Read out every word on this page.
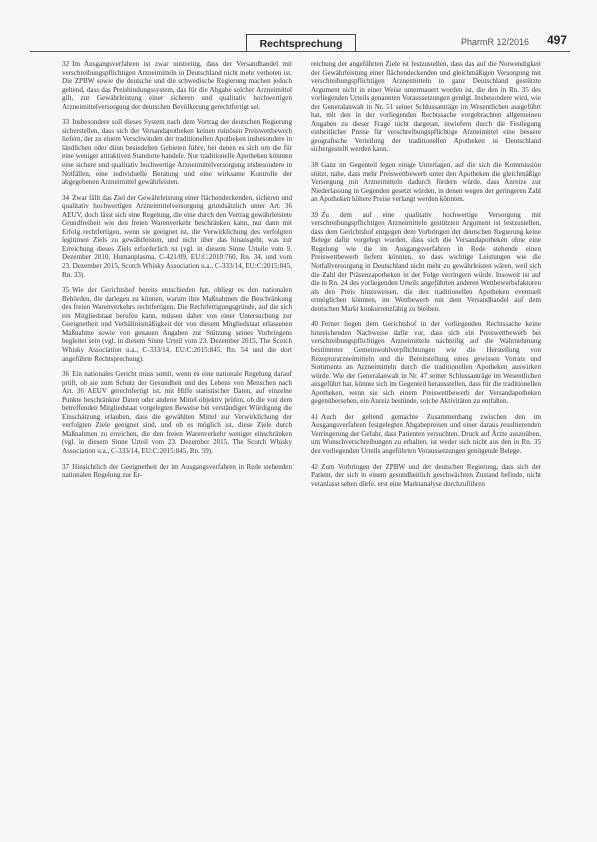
Rechtsprechung	PharmR 12/2016 497

32 Im Ausgangsverfahren ist zwar unstreitig, dass der Versandhandel mit verschreibungspflichtigen Arzneimitteln in Deutschland nicht mehr verboten ist. Die ZPBW sowie die deutsche und die schwedische Regierung machen jedoch geltend, dass das Preisbindungssystem, das für die Abgabe solcher Arzneimittel gilt, zur Gewährleistung einer sicheren und qualitativ hochwertigen Arzneimittelversorgung der deutschen Bevölkerung gerechtfertigt sei.

33 Insbesondere soll dieses System nach dem Vortrag der deutschen Regierung sicherstellen, dass sich der Versandapotheken keinen ruinösen Preiswettbewerb liefern, der zu einem Verschwinden der traditionellen Apotheken insbesondere in ländlichen oder dünn besiedelten Gebieten führe, bei denen es sich um die für eine weniger attraktiven Standorte handele. Nur traditionelle Apotheken könnten eine sichere und qualitativ hochwertige Arzneimittelversorgung insbesondere in Notfällen, eine individuelle Beratung und eine wirksame Kontrolle der abgegebenen Arzneimittel gewährleisten.

34 Zwar fällt das Ziel der Gewährleistung einer flächendeckenden, sicheren und qualitativ hochwertigen Arzneimittelversorgung grundsätzlich unter Art. 36 AEUV, doch lässt sich eine Regelung, die eine durch den Vertrag gewährleistete Grundfreiheit wie den freien Warenverkehr beschränken kann, nur dann mit Erfolg rechtfertigen, wenn sie geeignet ist, die Verwirklichung des verfolgten legitimen Ziels zu gewährleisten, und nicht über das hinausgeht, was zur Erreichung dieses Ziels erforderlich ist (vgl. in diesem Sinne Urteile vom 9. Dezember 2010, Humanplasma, C-421/09, EU:C:2010:760, Rn. 34, und vom 23. Dezember 2015, Scotch Whisky Association u.a., C-333/14, EU:C:2015:845, Rn. 33).

35 Wie der Gerichtshof bereits entschieden hat, obliegt es den nationalen Behörden, die darlegen zu können, warum ihre Maßnahmen die Beschränkung des freien Warenverkehrs rechtfertigen. Die Rechtfertigungsgründe, auf die sich ein Mitgliedstaat berufen kann, müssen daher von einer Untersuchung zur Geeignetheit und Verhältnismäßigkeit der von diesem Mitgliedstaat erlassenen Maßnahme sowie von genauen Angaben zur Stützung seines Vorbringens begleitet sein (vgl. in diesem Sinne Urteil vom 23. Dezember 2015, The Scotch Whisky Association u.a., C-333/14, EU:C:2015:845, Rn. 54 und die dort angeführte Rechtsprechung).

36 Ein nationales Gericht muss somit, wenn es eine nationale Regelung darauf prüft, ob sie zum Schutz der Gesundheit und des Lebens von Menschen nach Art. 36 AEUV gerechtfertigt ist, mit Hilfe statistischer Daten, auf einzelne Punkte beschränkter Daten oder anderer Mittel objektiv prüfen, ob die von dem betreffenden Mitgliedstaat vorgelegten Beweise bei verständiger Würdigung die Einschätzung erlauben, dass die gewählten Mittel zur Verwirklichung der verfolgten Ziele geeignet sind, und ob es möglich ist, diese Ziele durch Maßnahmen zu erreichen, die den freien Warenverkehr weniger einschränken (vgl. in diesem Sinne Urteil vom 23. Dezember 2015, The Scotch Whisky Association u.a., C-333/14, EU:C:2015:845, Rn. 59).

37 Hinsichtlich der Geeignetheit der im Ausgangsverfahren in Rede stehenden nationalen Regelung zur Er-

reichung der angeführten Ziele ist festzustellen, dass das auf die Notwendigkeit der Gewährleistung einer flächendeckenden und gleichmäßigen Versorgung mit verschreibungspflichtigen Arzneimitteln in ganz Deutschland gestützte Argument nicht in einer Weise untermauert worden ist, die den in Rn. 35 des vorliegenden Urteils genannten Voraussetzungen genügt. Insbesondere wird, wie der Generalanwalt in Nr. 51 seiner Schlussanträge im Wesentlichen ausgeführt hat, mit den in der vorliegenden Rechtssache vorgebrachten allgemeinen Angaben zu dieser Frage nicht dargetan, inwiefern durch die Festlegung einheitlicher Preise für verschreibungspflichtige Arzneimittel eine bessere geografische Verteilung der traditionellen Apotheken in Deutschland sichergestellt werden kann.

38 Ganz im Gegenteil legen einige Unterlagen, auf die sich die Kommission stützt, nahe, dass mehr Preiswettbewerb unter den Apotheken die gleichmäßige Versorgung mit Arzneimitteln dadurch fördern würde, dass Anreize zur Niederlassung in Gegenden gesetzt würden, in denen wegen der geringeren Zahl an Apotheken höhere Preise verlangt werden könnten.

39 Zu dem auf eine qualitativ hochwertige Versorgung mit verschreibungspflichtigen Arzneimitteln gestützten Argument ist festzustellen, dass dem Gerichtshof entgegen dem Vorbringen der deutschen Regierung keine Belege dafür vorgelegt wurden, dass sich die Versandapotheken ohne eine Regelung wie die im Ausgangsverfahren in Rede stehende einen Preiswettbewerb liefern könnten, so dass wichtige Leistungen wie die Notfallversorgung in Deutschland nicht mehr zu gewährleisten wären, weil sich die Zahl der Präsenzapotheken in der Folge verringern würde. Insoweit ist auf die in Rn. 24 des vorliegenden Urteils angeführten anderen Wettbewerbsfaktoren als den Preis hinzuweisen, die den traditionellen Apotheken eventuell ermöglichen könnten, im Wettbewerb mit dem Versandhandel auf dem deutschen Markt konkurrenzfähig zu bleiben.

40 Ferner liegen dem Gerichtshof in der vorliegenden Rechtssache keine hinreichenden Nachweise dafür vor, dass sich ein Preiswettbewerb bei verschreibungspflichtigen Arzneimitteln nachteilig auf die Wahrnehmung bestimmter Gemeinwohlverpflichtungen wie die Herstellung von Rezepturarzneimitteln und die Bereitstellung eines gewissen Vorrats und Sortiments an Arzneimitteln durch die traditionellen Apotheken auswirken würde. Wie der Generalanwalt in Nr. 47 seiner Schlussanträge im Wesentlichen ausgeführt hat, könnte sich im Gegenteil herausstellen, dass für die traditionellen Apotheken, wenn sie sich einem Preiswettbewerb der Versandapotheken gegenübersehen, ein Anreiz bestünde, solche Aktivitäten zu entfalten.

41 Auch der geltend gemachte Zusammenhang zwischen den im Ausgangsverfahren festgelegten Abgabepreisen und einer daraus resultierenden Verringerung der Gefahr, dass Patienten versuchten, Druck auf Ärzte auszuüben, um Wunschverschreibungen zu erhalten, ist weder sich nicht aus den in Rn. 35 des vorliegenden Urteils angeführten Voraussetzungen genügende Belege.

42 Zum Vorbringen der ZPBW und der deutschen Regierung, dass sich der Patient, der sich in einem gesundheitlich geschwächten Zustand befinde, nicht veranlasst sehen dürfe, erst eine Marktanalyse durchzuführen
